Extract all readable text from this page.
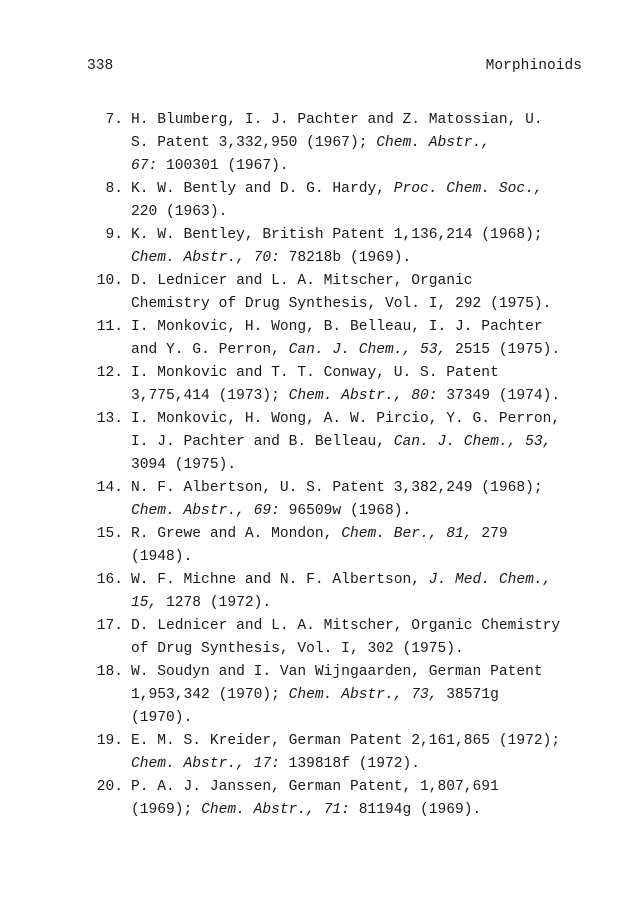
338	Morphinoids
7. H. Blumberg, I. J. Pachter and Z. Matossian, U.
S. Patent 3,332,950 (1967); Chem. Abstr.,
67: 100301 (1967).
8. K. W. Bently and D. G. Hardy, Proc. Chem. Soc.,
220 (1963).
9. K. W. Bentley, British Patent 1,136,214 (1968);
Chem. Abstr., 70: 78218b (1969).
10. D. Lednicer and L. A. Mitscher, Organic
Chemistry of Drug Synthesis, Vol. I, 292 (1975).
11. I. Monkovic, H. Wong, B. Belleau, I. J. Pachter
and Y. G. Perron, Can. J. Chem., 53, 2515 (1975).
12. I. Monkovic and T. T. Conway, U. S. Patent
3,775,414 (1973); Chem. Abstr., 80: 37349 (1974).
13. I. Monkovic, H. Wong, A. W. Pircio, Y. G. Perron,
I. J. Pachter and B. Belleau, Can. J. Chem., 53,
3094 (1975).
14. N. F. Albertson, U. S. Patent 3,382,249 (1968);
Chem. Abstr., 69: 96509w (1968).
15. R. Grewe and A. Mondon, Chem. Ber., 81, 279
(1948).
16. W. F. Michne and N. F. Albertson, J. Med. Chem.,
15, 1278 (1972).
17. D. Lednicer and L. A. Mitscher, Organic Chemistry
of Drug Synthesis, Vol. I, 302 (1975).
18. W. Soudyn and I. Van Wijngaarden, German Patent
1,953,342 (1970); Chem. Abstr., 73, 38571g
(1970).
19. E. M. S. Kreider, German Patent 2,161,865 (1972);
Chem. Abstr., 17: 139818f (1972).
20. P. A. J. Janssen, German Patent, 1,807,691
(1969); Chem. Abstr., 71: 81194g (1969).
